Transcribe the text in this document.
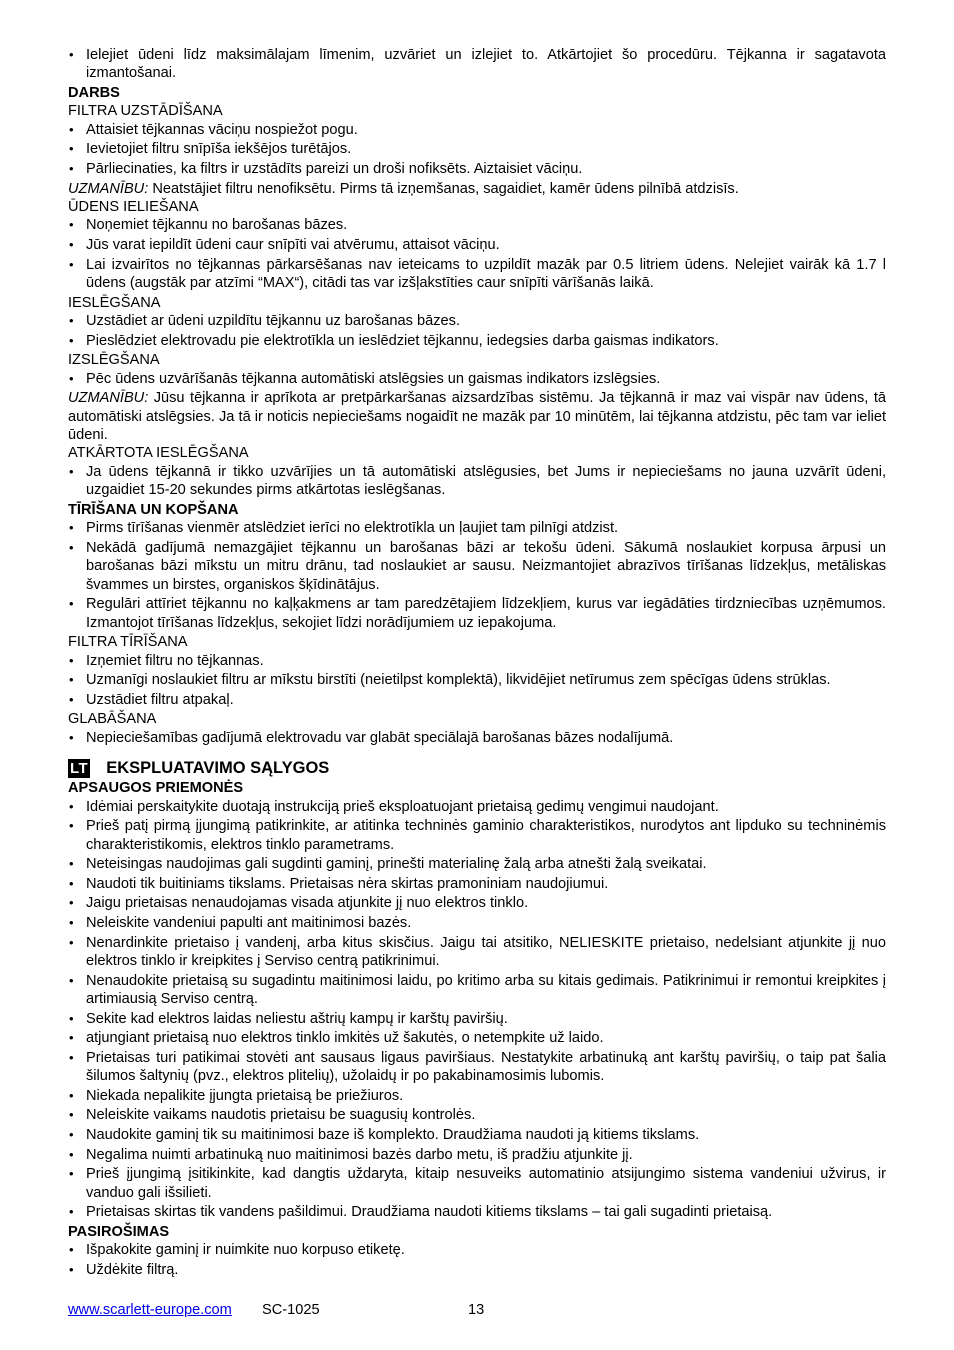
• Ielejiet ūdeni līdz maksimālajam līmenim, uzvāriet un izlejiet to. Atkārtojiet šo procedūru. Tējkanna ir sagatavota izmantošanai.

DARBS

FILTRA UZSTĀDĪŠANA

• Attaisiet tējkannas vāciņu nospiežot pogu.
• Ievietojiet filtru snīpīša iekšējos turētājos.
• Pārliecinaties, ka filtrs ir uzstādīts pareizi un droši nofiksēts. Aiztaisiet vāciņu.

UZMANĪBU: Neatstājiet filtru nenofiksētu. Pirms tā izņemšanas, sagaidiet, kamēr ūdens pilnībā atdzisīs.

ŪDENS IELIEŠANA

• Noņemiet tējkannu no barošanas bāzes.
• Jūs varat iepildīt ūdeni caur snīpīti vai atvērumu, attaisot vāciņu.
• Lai izvairītos no tējkannas pārkarsēšanas nav ieteicams to uzpildīt mazāk par 0.5 litriem ūdens. Nelejiet vairāk kā 1.7 l ūdens (augstāk par atzīmi “MAX“), citādi tas var izšļakstīties caur snīpīti vārīšanās laikā.

IESLĒGŠANA

• Uzstādiet ar ūdeni uzpildītu tējkannu uz barošanas bāzes.
• Pieslēdziet elektrovadu pie elektrotīkla un ieslēdziet tējkannu, iedegsies darba gaismas indikators.

IZSLĒGŠANA

• Pēc ūdens uzvārīšanās tējkanna automātiski atslēgsies un gaismas indikators izslēgsies.

UZMANĪBU: Jūsu tējkanna ir aprīkota ar pretpārkaršanas aizsardzības sistēmu. Ja tējkannā ir maz vai vispār nav ūdens, tā automātiski atslēgsies. Ja tā ir noticis nepieciešams nogaidīt ne mazāk par 10 minūtēm, lai tējkanna atdzistu, pēc tam var ieliet ūdeni.

ATKĀRTOTA IESLĒGŠANA

• Ja ūdens tējkannā ir tikko uzvārījies un tā automātiski atslēgusies, bet Jums ir nepieciešams no jauna uzvārīt ūdeni, uzgaidiet 15-20 sekundes pirms atkārtotas ieslēgšanas.

TĪRĪŠANA UN KOPŠANA

• Pirms tīrīšanas vienmēr atslēdziet ierīci no elektrotīkla un ļaujiet tam pilnīgi atdzist.
• Nekādā gadījumā nemazgājiet tējkannu un barošanas bāzi ar tekošu ūdeni. Sākumā noslaukiet korpusa ārpusi un barošanas bāzi mīkstu un mitru drānu, tad noslaukiet ar sausu. Neizmantojiet abrazīvos tīrīšanas līdzekļus, metāliskas švammes un birstes, organiskos šķīdinātājus.
• Regulāri attīriet tējkannu no kaļķakmens ar tam paredzētajiem līdzekļiem, kurus var iegādāties tirdzniecības uzņēmumos. Izmantojot tīrīšanas līdzekļus, sekojiet līdzi norādījumiem uz iepakojuma.

FILTRA TĪRĪŠANA

• Izņemiet filtru no tējkannas.
• Uzmanīgi noslaukiet filtru ar mīkstu birstīti (neietilpst komplektā), likvidējiet netīrumus zem spēcīgas ūdens strūklas.
• Uzstādiet filtru atpakaļ.

GLABĀŠANA

• Nepieciešamības gadījumā elektrovadu var glabāt speciālajā barošanas bāzes nodalījumā.
LT EKSPLUATAVIMO SĄLYGOS

APSAUGOS PRIEMONĖS

• Idėmiai perskaitykite duotają instrukciją prieš eksploatuojant prietaisą gedimų vengimui naudojant.
• Prieš patį pirmą įjungimą patikrinkite, ar atitinka techninės gaminio charakteristikos, nurodytos ant lipduko su techninėmis charakteristikomis, elektros tinklo parametrams.
• Neteisingas naudojimas gali sugdinti gaminį, prinešti materialinę žalą arba atnešti žalą sveikatai.
• Naudoti tik buitiniams tikslams. Prietaisas nėra skirtas pramoniniam naudojiumui.
• Jaigu prietaisas nenaudojamas visada atjunkite jį nuo elektros tinklo.
• Neleiskite vandeniui papulti ant maitinimosi bazės.
• Nenardinkite prietaiso į vandenį, arba kitus skisčius. Jaigu tai atsitiko, NELIESKITE prietaiso, nedelsiant atjunkite jį nuo elektros tinklo ir kreipkites į Serviso centrą patikrinimui.
• Nenaudokite prietaisą su sugadintu maitinimosi laidu, po kritimo arba su kitais gedimais. Patikrinimui ir remontui kreipkites į artimiausią Serviso centrą.
• Sekite kad elektros laidas neliestu aštrių kampų ir karštų paviršių.
• atjungiant prietaisą nuo elektros tinklo imkitės už šakutės, o netempkite už laido.
• Prietaisas turi patikimai stovėti ant sausaus ligaus paviršiaus. Nestatykite arbatinuką ant karštų paviršių, o taip pat šalia šilumos šaltynių (pvz., elektros plitelių), užolaidų ir po pakabinamosimis lubomis.
• Niekada nepalikite įjungta prietaisą be priežiuros.
• Neleiskite vaikams naudotis prietaisu be suagusių kontrolės.
• Naudokite gaminį tik su maitinimosi baze iš komplekto. Draudžiama naudoti ją kitiems tikslams.
• Negalima nuimti arbatinuką nuo maitinimosi bazės darbo metu, iš pradžiu atjunkite jį.
• Prieš įjungimą įsitikinkite, kad dangtis uždaryta, kitaip nesuveiks automatinio atsijungimo sistema vandeniui užvirus, ir vanduo gali išsilieti.
• Prietaisas skirtas tik vandens pašildimui. Draudžiama naudoti kitiems tikslams – tai gali sugadinti prietaisą.

PASIROŠIMAS

• Išpakokite gaminį ir nuimkite nuo korpuso etiketę.
• Uždėkite filtrą.
www.scarlett-europe.com SC-1025	13
